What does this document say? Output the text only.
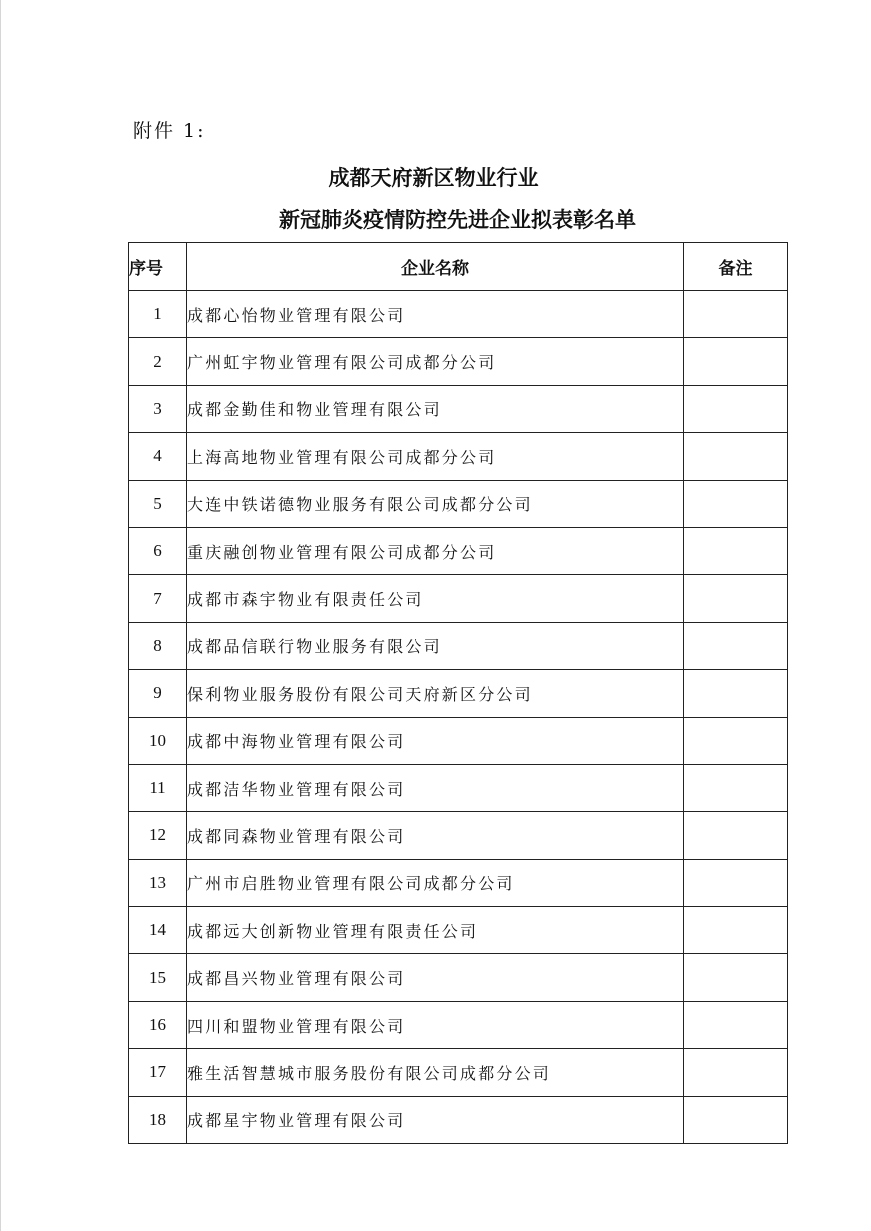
附件 1:
成都天府新区物业行业
新冠肺炎疫情防控先进企业拟表彰名单
序号	企业名称	备注
1	成都心怡物业管理有限公司	
2	广州虹宇物业管理有限公司成都分公司	
3	成都金勤佳和物业管理有限公司	
4	上海高地物业管理有限公司成都分公司	
5	大连中铁诺德物业服务有限公司成都分公司	
6	重庆融创物业管理有限公司成都分公司	
7	成都市森宇物业有限责任公司	
8	成都品信联行物业服务有限公司	
9	保利物业服务股份有限公司天府新区分公司	
10	成都中海物业管理有限公司	
11	成都洁华物业管理有限公司	
12	成都同森物业管理有限公司	
13	广州市启胜物业管理有限公司成都分公司	
14	成都远大创新物业管理有限责任公司	
15	成都昌兴物业管理有限公司	
16	四川和盟物业管理有限公司	
17	雅生活智慧城市服务股份有限公司成都分公司	
18	成都星宇物业管理有限公司	
